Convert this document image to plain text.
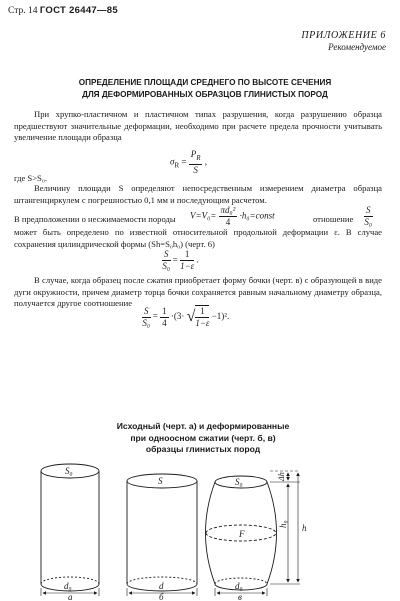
Стр. 14 ГОСТ 26447—85
ПРИЛОЖЕНИЕ 6
Рекомендуемое
ОПРЕДЕЛЕНИЕ ПЛОЩАДИ СРЕДНЕГО ПО ВЫСОТЕ СЕЧЕНИЯ
ДЛЯ ДЕФОРМИРОВАННЫХ ОБРАЗЦОВ ГЛИНИСТЫХ ПОРОД
При хрупко-пластичном и пластичном типах разрушения, когда разрушению образца предшествуют значительные деформации, необходимо при расчете предела прочности учитывать увеличение площади образца
$\sigma_R = \frac{P_R}{S}$ ,
где S>S₀.
Величину площади S определяют непосредственным измерением диаметра образца штангенциркулем с погрешностью 0,1 мм и последующим расчетом.
В предположении о несжимаемости породы $V=V_0= \frac{\text{πd₀²}}{4}$ ·h₀=const	отношение $\frac{S}{\text{S₀}}$
может быть определено по известной относительной продольной деформации ε. В случае сохранения цилиндрической формы (Sh=S₀h₀) (черт. 6)
$\frac{S}{\text{S₀}} = \frac{1}{1-\varepsilon}$ .
В случае, когда образец после сжатия приобретает форму бочки (черт. в) с образующей в виде дуги окружности, причем диаметр торца бочки сохраняется равным начальному диаметру образца, получается другое соотношение
$\frac{S}{\text{S₀}} = \frac{1}{4} \cdot(3\cdot$ √ $\frac{1}{1-\varepsilon} -1)^2$.
Исходный (черт. а) и деформированные
при одноосном сжатии (черт. б, в)
образцы глинистых пород
S₀
d₀
а
S
d
б
S₀
F
d₀
в
Δh
h₀ h
